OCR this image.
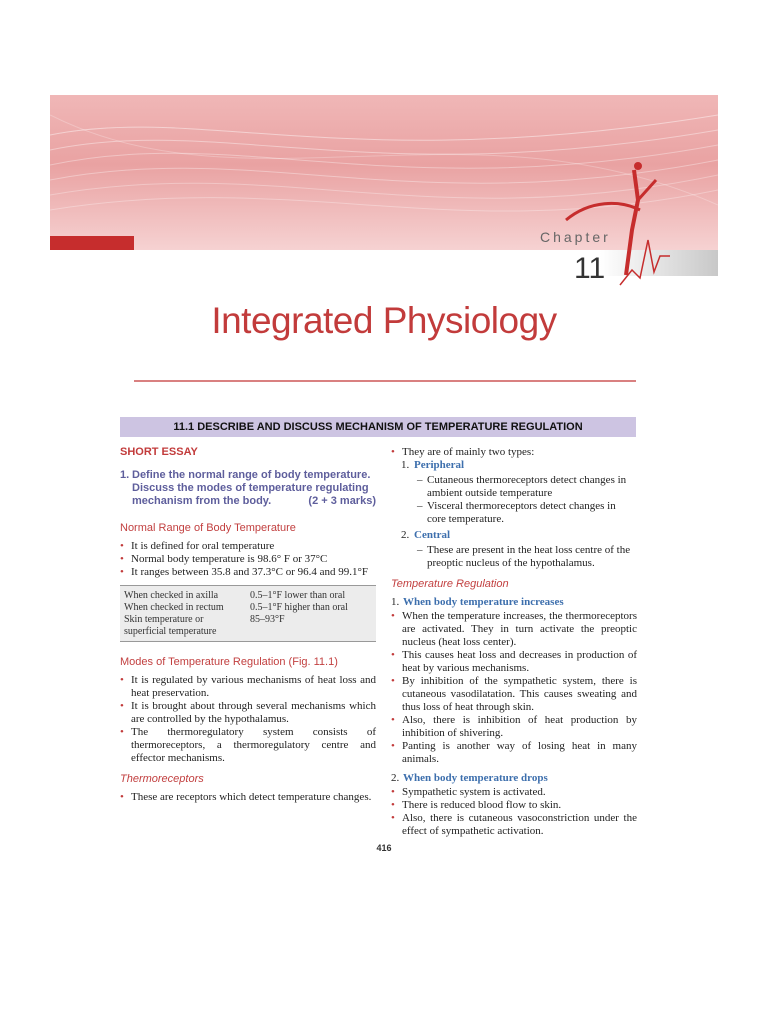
Chapter
11
Integrated Physiology
11.1 DESCRIBE AND DISCUSS MECHANISM OF TEMPERATURE REGULATION
SHORT ESSAY
1. Define the normal range of body temperature. Discuss the modes of temperature regulating mechanism from the body.	(2 + 3 marks)
Normal Range of Body Temperature
• It is defined for oral temperature
• Normal body temperature is 98.6° F or 37°C
• It ranges between 35.8 and 37.3°C or 96.4 and 99.1°F
When checked in axilla	0.5–1°F lower than oral
When checked in rectum	0.5–1°F higher than oral
Skin temperature or superficial temperature	85–93°F
Modes of Temperature Regulation (Fig. 11.1)
• It is regulated by various mechanisms of heat loss and heat preservation.
• It is brought about through several mechanisms which are controlled by the hypothalamus.
• The thermoregulatory system consists of thermoreceptors, a thermoregulatory centre and effector mechanisms.
Thermoreceptors
• These are receptors which detect temperature changes.
• They are of mainly two types:
1. Peripheral
– Cutaneous thermoreceptors detect changes in ambient outside temperature
– Visceral thermoreceptors detect changes in core temperature.
2. Central
– These are present in the heat loss centre of the preoptic nucleus of the hypothalamus.
Temperature Regulation
1. When body temperature increases
• When the temperature increases, the thermoreceptors are activated. They in turn activate the preoptic nucleus (heat loss center).
• This causes heat loss and decreases in production of heat by various mechanisms.
• By inhibition of the sympathetic system, there is cutaneous vasodilatation. This causes sweating and thus loss of heat through skin.
• Also, there is inhibition of heat production by inhibition of shivering.
• Panting is another way of losing heat in many animals.
2. When body temperature drops
• Sympathetic system is activated.
• There is reduced blood flow to skin.
• Also, there is cutaneous vasoconstriction under the effect of sympathetic activation.
416
